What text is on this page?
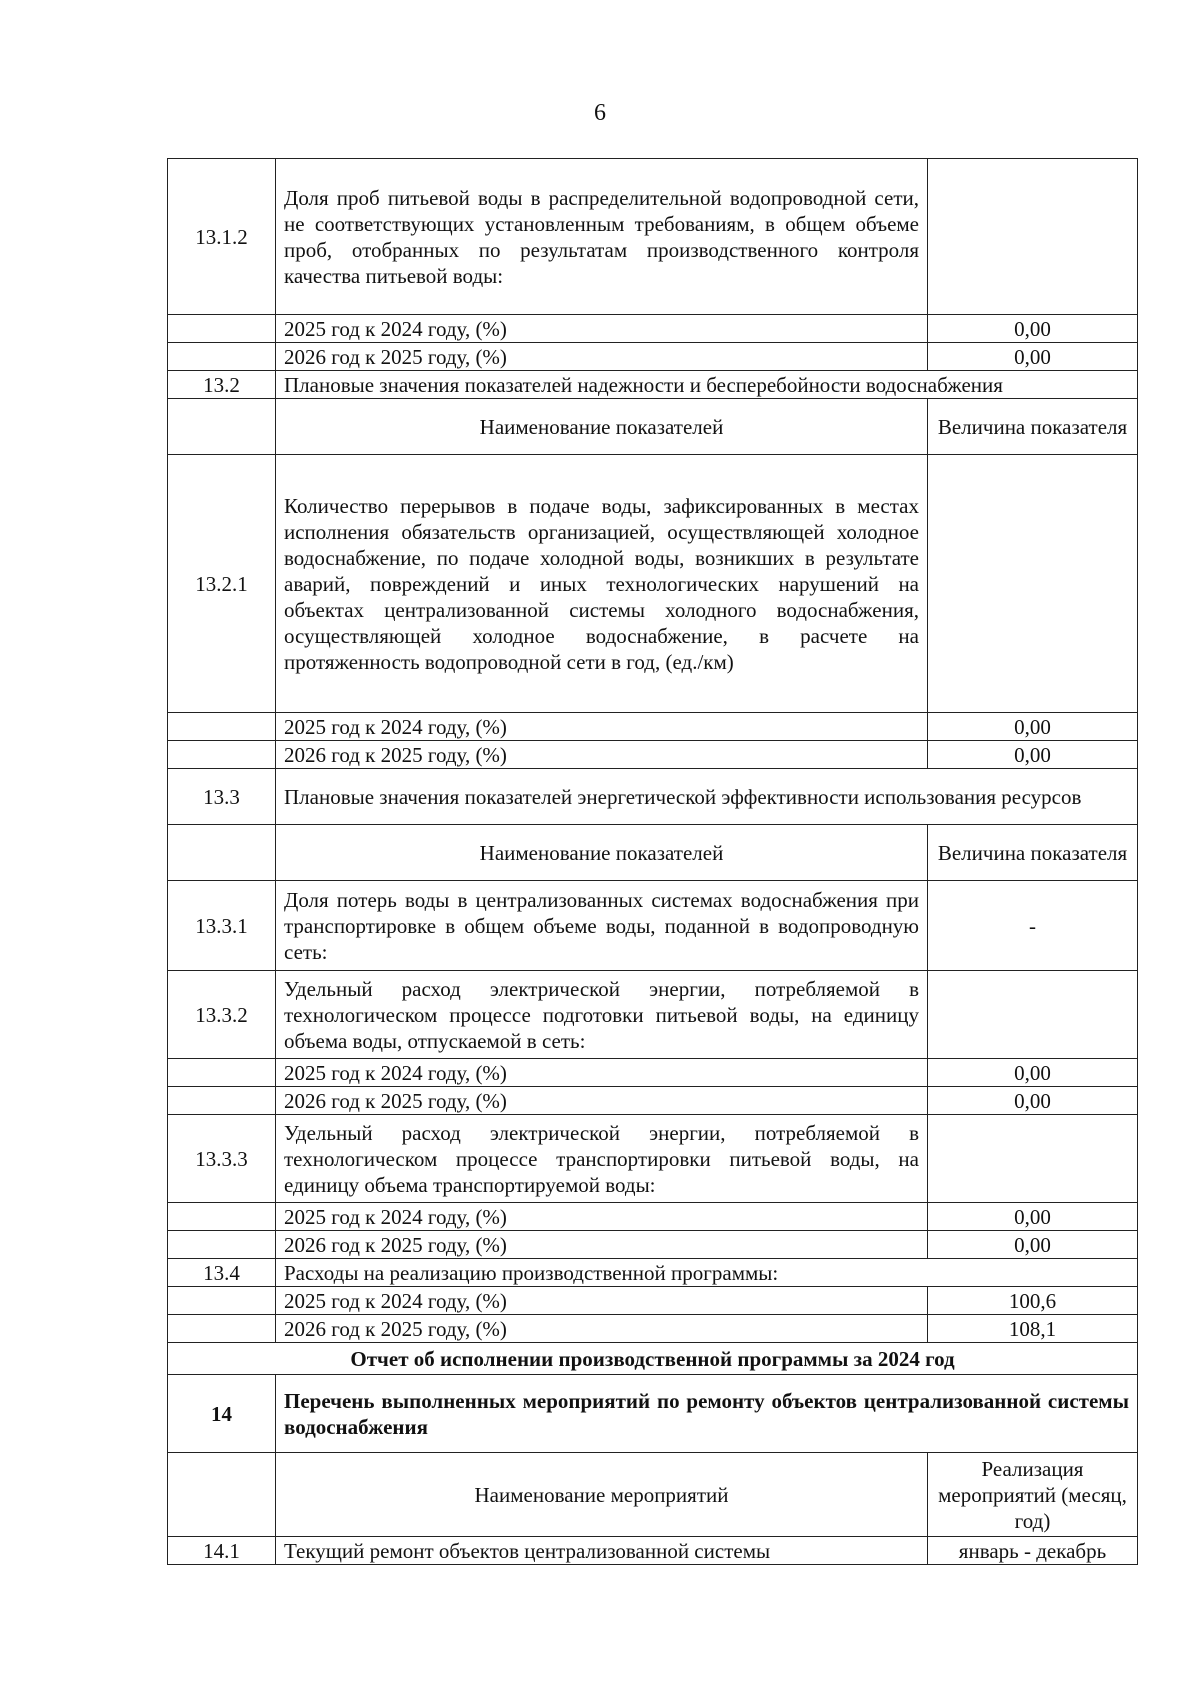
6
13.1.2	Доля проб питьевой воды в распределительной водопроводной сети, не соответствующих установленным требованиям, в общем объеме проб, отобранных по результатам производственного контроля качества питьевой воды:	
	2025 год к 2024 году, (%)	0,00
	2026 год к 2025 году, (%)	0,00
13.2	Плановые значения показателей надежности и бесперебойности водоснабжения	
	Наименование показателей	Величина показателя
13.2.1	Количество перерывов в подаче воды, зафиксированных в местах исполнения обязательств организацией, осуществляющей холодное водоснабжение, по подаче холодной воды, возникших в результате аварий, повреждений и иных технологических нарушений на объектах централизованной системы холодного водоснабжения, осуществляющей холодное водоснабжение, в расчете на протяженность водопроводной сети в год, (ед./км)	
	2025 год к 2024 году, (%)	0,00
	2026 год к 2025 году, (%)	0,00
13.3	Плановые значения показателей энергетической эффективности использования ресурсов	
	Наименование показателей	Величина показателя
13.3.1	Доля потерь воды в централизованных системах водоснабжения при транспортировке в общем объеме воды, поданной в водопроводную сеть:	-
13.3.2	Удельный расход электрической энергии, потребляемой в технологическом процессе подготовки питьевой воды, на единицу объема воды, отпускаемой в сеть:	
	2025 год к 2024 году, (%)	0,00
	2026 год к 2025 году, (%)	0,00
13.3.3	Удельный расход электрической энергии, потребляемой в технологическом процессе транспортировки питьевой воды, на единицу объема транспортируемой воды:	
	2025 год к 2024 году, (%)	0,00
	2026 год к 2025 году, (%)	0,00
13.4	Расходы на реализацию производственной программы:	
	2025 год к 2024 году, (%)	100,6
	2026 год к 2025 году, (%)	108,1
Отчет об исполнении производственной программы за 2024 год		
14	Перечень выполненных мероприятий по ремонту объектов централизованной системы водоснабжения	
	Наименование мероприятий	Реализация мероприятий (месяц, год)
14.1	Текущий ремонт объектов централизованной системы	январь - декабрь
